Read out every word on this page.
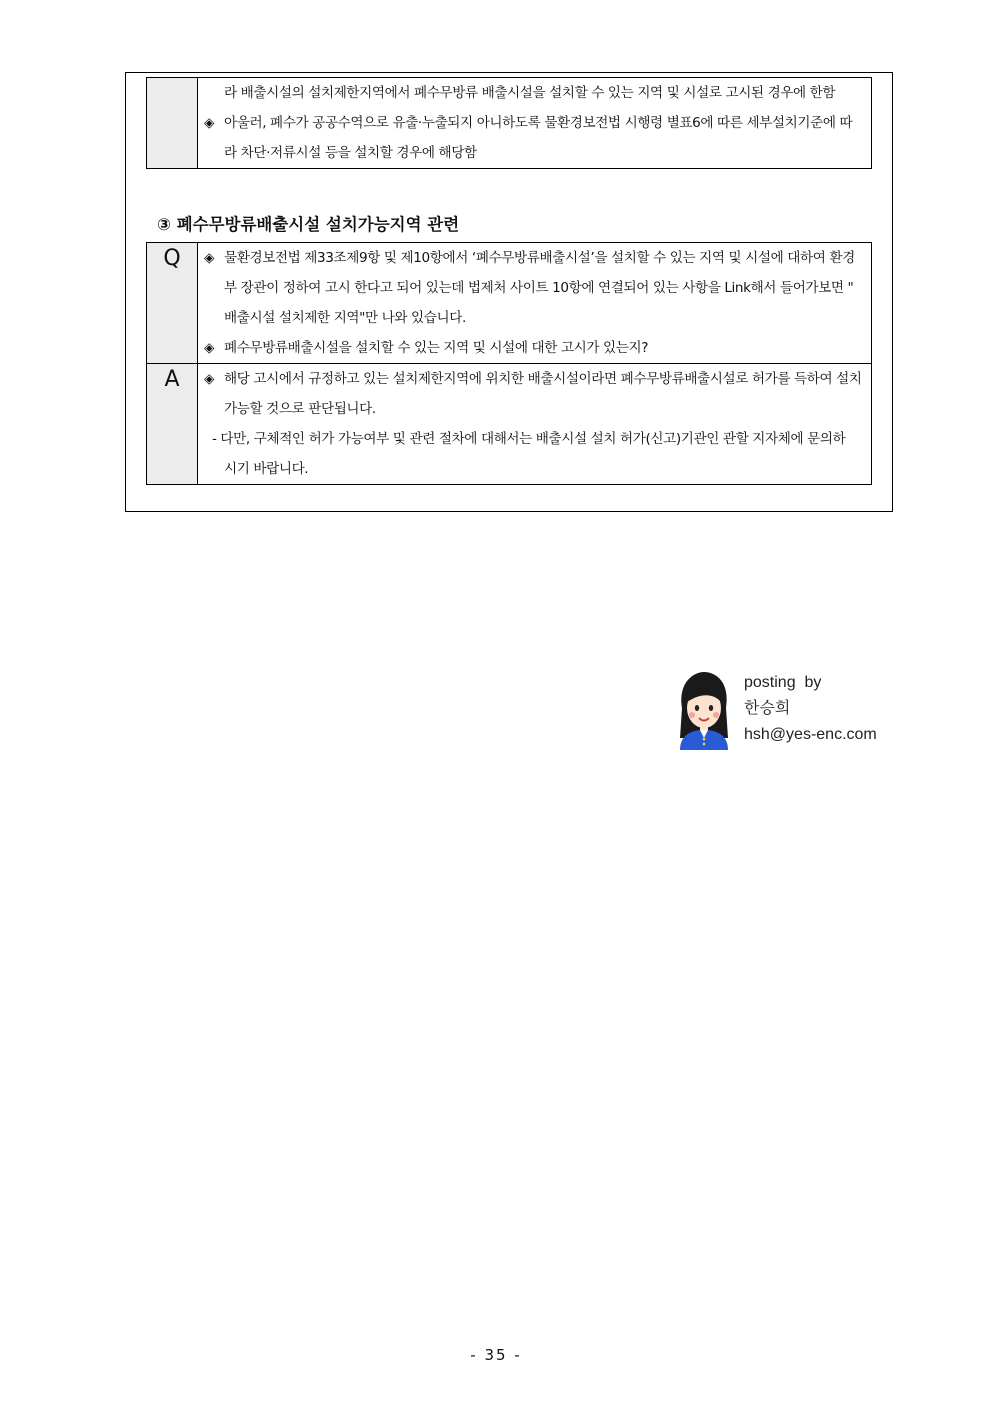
라 배출시설의 설치제한지역에서 폐수무방류 배출시설을 설치할 수 있는 지역 및 시설로 고시된 경우에 한함
◈ 아울러, 폐수가 공공수역으로 유출·누출되지 아니하도록 물환경보전법 시행령 별표6에 따른 세부설치기준에 따
라 차단·저류시설 등을 설치할 경우에 해당함
③ 폐수무방류배출시설 설치가능지역 관련
Q	◈ 물환경보전법 제33조제9항 및 제10항에서 ‘폐수무방류배출시설’을 설치할 수 있는 지역 및 시설에 대하여 환경
부 장관이 정하여 고시 한다고 되어 있는데 법제처 사이트 10항에 연결되어 있는 사항을 Link해서 들어가보면 "
배출시설 설치제한 지역"만 나와 있습니다.
◈ 폐수무방류배출시설을 설치할 수 있는 지역 및 시설에 대한 고시가 있는지?

A	◈ 해당 고시에서 규정하고 있는 설치제한지역에 위치한 배출시설이라면 폐수무방류배출시설로 허가를 득하여 설치
가능할 것으로 판단됩니다.
- 다만, 구체적인 허가 가능여부 및 관련 절차에 대해서는 배출시설 설치 허가(신고)기관인 관할 지자체에 문의하
시기 바랍니다.
posting  by
한승희
hsh@yes-enc.com
- 35 -
